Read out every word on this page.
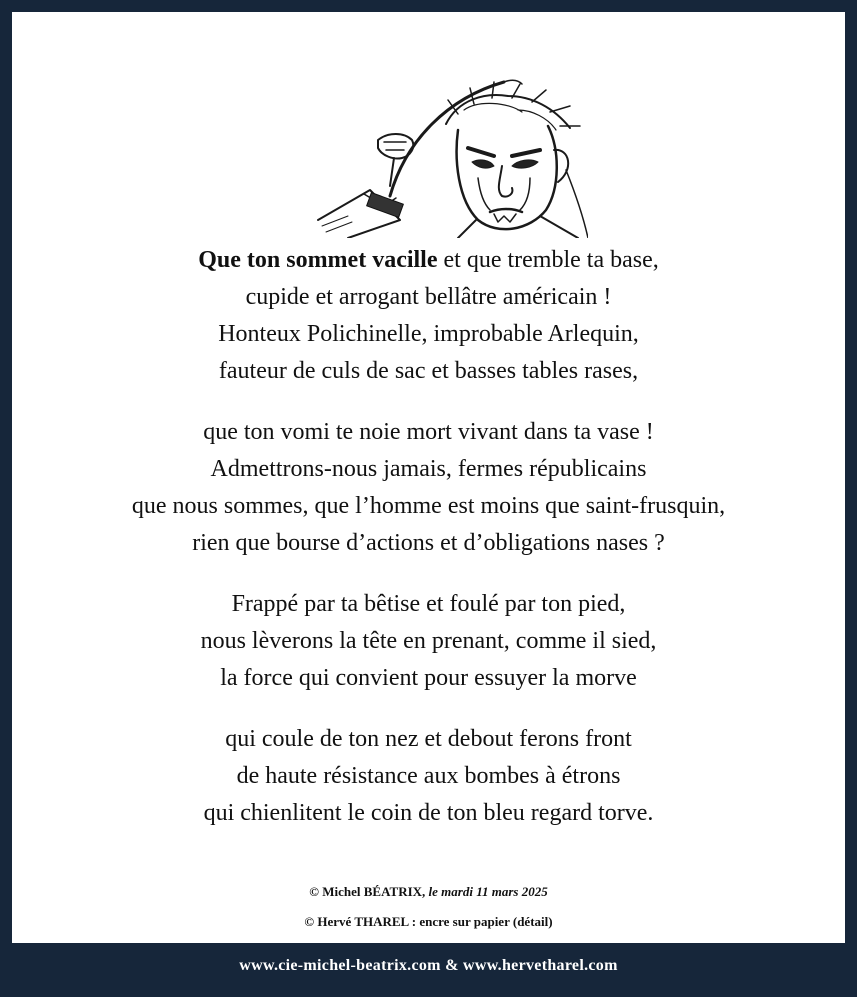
Que ton sommet vacille et que tremble ta base,
cupide et arrogant bellâtre américain !
Honteux Polichinelle, improbable Arlequin,
fauteur de culs de sac et basses tables rases,
que ton vomi te noie mort vivant dans ta vase !
Admettrons-nous jamais, fermes républicains
que nous sommes, que l’homme est moins que saint-frusquin,
rien que bourse d’actions et d’obligations nases ?
Frappé par ta bêtise et foulé par ton pied,
nous lèverons la tête en prenant, comme il sied,
la force qui convient pour essuyer la morve
qui coule de ton nez et debout ferons front
de haute résistance aux bombes à étrons
qui chienlitent le coin de ton bleu regard torve.
© Michel BÉATRIX, le mardi 11 mars 2025
© Hervé THAREL : encre sur papier (détail)
www.cie-michel-beatrix.com & www.hervetharel.com
